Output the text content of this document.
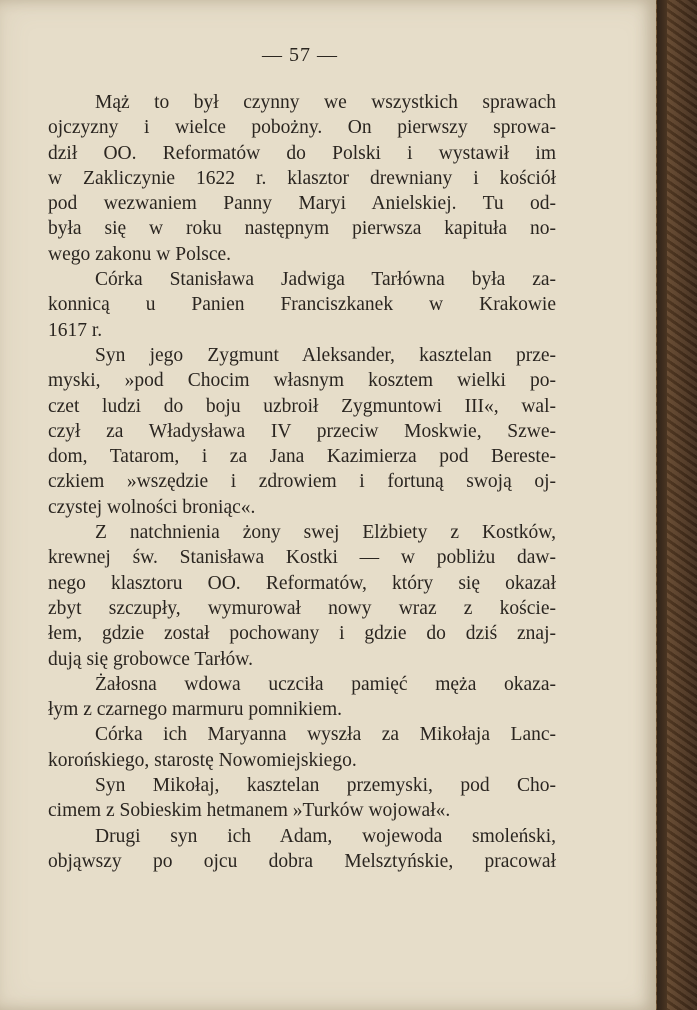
— 57 —
Mąż to był czynny we wszystkich sprawach
ojczyzny i wielce pobożny. On pierwszy sprowa-
dził OO. Reformatów do Polski i wystawił im
w Zakliczynie 1622 r. klasztor drewniany i kościół
pod wezwaniem Panny Maryi Anielskiej. Tu od-
była się w roku następnym pierwsza kapituła no-
wego zakonu w Polsce.
Córka Stanisława Jadwiga Tarłówna była za-
konnicą u Panien Franciszkanek w Krakowie
1617 r.
Syn jego Zygmunt Aleksander, kasztelan prze-
myski, »pod Chocim własnym kosztem wielki po-
czet ludzi do boju uzbroił Zygmuntowi III«, wal-
czył za Władysława IV przeciw Moskwie, Szwe-
dom, Tatarom, i za Jana Kazimierza pod Bereste-
czkiem »wszędzie i zdrowiem i fortuną swoją oj-
czystej wolności broniąc«.
Z natchnienia żony swej Elżbiety z Kostków,
krewnej św. Stanisława Kostki — w pobliżu daw-
nego klasztoru OO. Reformatów, który się okazał
zbyt szczupły, wymurował nowy wraz z koście-
łem, gdzie został pochowany i gdzie do dziś znaj-
dują się grobowce Tarłów.
Żałosna wdowa uczciła pamięć męża okaza-
łym z czarnego marmuru pomnikiem.
Córka ich Maryanna wyszła za Mikołaja Lanc-
korońskiego, starostę Nowomiejskiego.
Syn Mikołaj, kasztelan przemyski, pod Cho-
cimem z Sobieskim hetmanem »Turków wojował«.
Drugi syn ich Adam, wojewoda smoleński,
objąwszy po ojcu dobra Melsztyńskie, pracował
